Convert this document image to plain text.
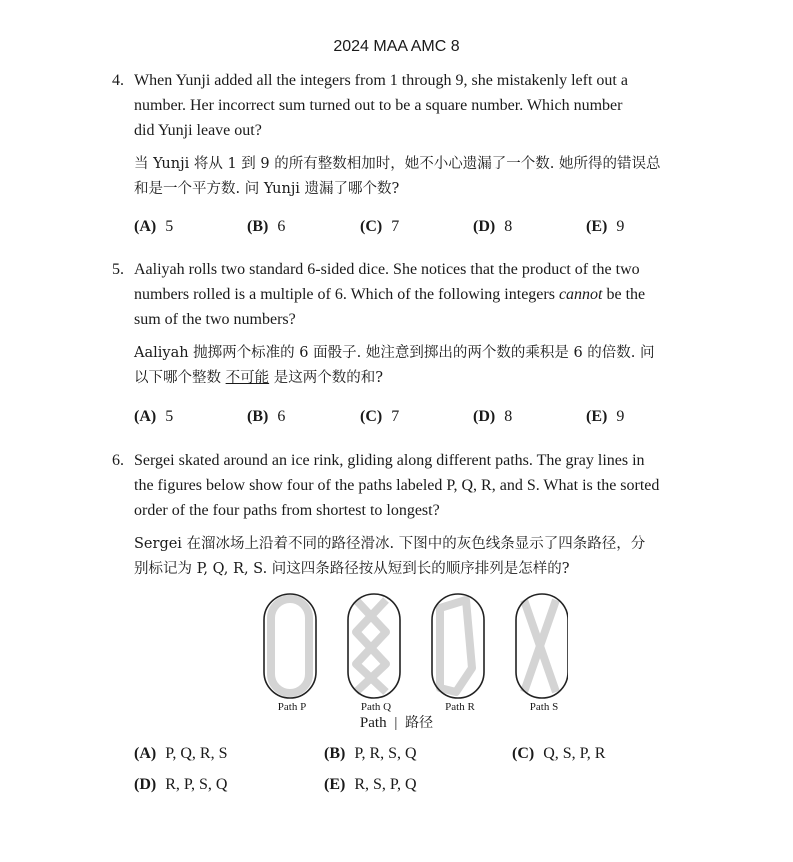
2024 MAA AMC 8
4. When Yunji added all the integers from 1 through 9, she mistakenly left out a
number. Her incorrect sum turned out to be a square number. Which number
did Yunji leave out?
当 Yunji 将从 1 到 9 的所有整数相加时，她不小心遗漏了一个数. 她所得的错误总
和是一个平方数. 问 Yunji 遗漏了哪个数?
(A) 5	(B) 6	(C) 7	(D) 8	(E) 9
5. Aaliyah rolls two standard 6-sided dice. She notices that the product of the two
numbers rolled is a multiple of 6. Which of the following integers cannot be the
sum of the two numbers?
Aaliyah 抛掷两个标准的 6 面骰子. 她注意到掷出的两个数的乘积是 6 的倍数. 问
以下哪个整数 不可能 是这两个数的和?
(A) 5	(B) 6	(C) 7	(D) 8	(E) 9
6. Sergei skated around an ice rink, gliding along different paths. The gray lines in
the figures below show four of the paths labeled P, Q, R, and S. What is the sorted
order of the four paths from shortest to longest?
Sergei 在溜冰场上沿着不同的路径滑冰. 下图中的灰色线条显示了四条路径，分
别标记为 P, Q, R, S. 问这四条路径按从短到长的顺序排列是怎样的?
Path P	Path Q	Path R	Path S
Path | 路径
(A) P, Q, R, S	(B) P, R, S, Q	(C) Q, S, P, R
(D) R, P, S, Q	(E) R, S, P, Q
